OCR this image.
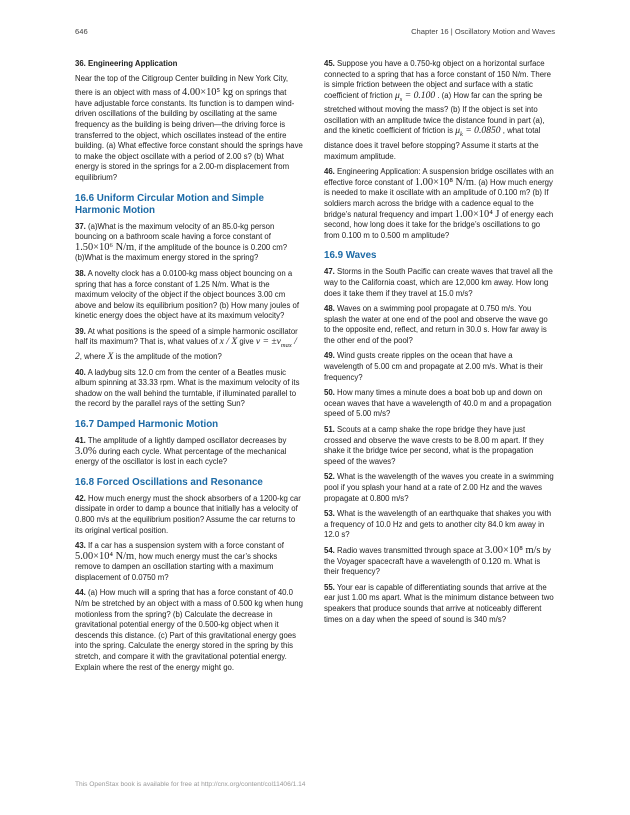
646	Chapter 16 | Oscillatory Motion and Waves

36. Engineering Application

Near the top of the Citigroup Center building in New York City,

there is an object with mass of 4.00×10⁵ kg on springs that have adjustable force constants. Its function is to dampen wind-driven oscillations of the building by oscillating at the same frequency as the building is being driven—the driving force is transferred to the object, which oscillates instead of the entire building. (a) What effective force constant should the springs have to make the object oscillate with a period of 2.00 s? (b) What energy is stored in the springs for a 2.00-m displacement from equilibrium?

16.6 Uniform Circular Motion and Simple Harmonic Motion
37. (a)What is the maximum velocity of an 85.0-kg person bouncing on a bathroom scale having a force constant of 1.50×10⁶ N/m, if the amplitude of the bounce is 0.200 cm? (b)What is the maximum energy stored in the spring?
38. A novelty clock has a 0.0100-kg mass object bouncing on a spring that has a force constant of 1.25 N/m. What is the maximum velocity of the object if the object bounces 3.00 cm above and below its equilibrium position? (b) How many joules of kinetic energy does the object have at its maximum velocity?
39. At what positions is the speed of a simple harmonic oscillator half its maximum? That is, what values of x / X give $v = \pm v_{max} / 2$, where X is the amplitude of the motion?
40. A ladybug sits 12.0 cm from the center of a Beatles music album spinning at 33.33 rpm. What is the maximum velocity of its shadow on the wall behind the turntable, if illuminated parallel to the record by the parallel rays of the setting Sun?
16.7 Damped Harmonic Motion
41. The amplitude of a lightly damped oscillator decreases by 3.0% during each cycle. What percentage of the mechanical energy of the oscillator is lost in each cycle?
16.8 Forced Oscillations and Resonance
42. How much energy must the shock absorbers of a 1200-kg car dissipate in order to damp a bounce that initially has a velocity of 0.800 m/s at the equilibrium position? Assume the car returns to its original vertical position.
43. If a car has a suspension system with a force constant of 5.00×10⁴ N/m, how much energy must the car’s shocks remove to dampen an oscillation starting with a maximum displacement of 0.0750 m?
44. (a) How much will a spring that has a force constant of 40.0 N/m be stretched by an object with a mass of 0.500 kg when hung motionless from the spring? (b) Calculate the decrease in gravitational potential energy of the 0.500-kg object when it descends this distance. (c) Part of this gravitational energy goes into the spring. Calculate the energy stored in the spring by this stretch, and compare it with the gravitational potential energy. Explain where the rest of the energy might go.
45. Suppose you have a 0.750-kg object on a horizontal surface connected to a spring that has a force constant of 150 N/m. There is simple friction between the object and surface with a static coefficient of friction $\mu_s = 0.100$ . (a) How far can the spring be stretched without moving the mass? (b) If the object is set into oscillation with an amplitude twice the distance found in part (a), and the kinetic coefficient of friction is $\mu_k = 0.0850$ , what total distance does it travel before stopping? Assume it starts at the maximum amplitude.
46. Engineering Application: A suspension bridge oscillates with an effective force constant of 1.00×10⁸ N/m. (a) How much energy is needed to make it oscillate with an amplitude of 0.100 m? (b) If soldiers march across the bridge with a cadence equal to the bridge’s natural frequency and impart 1.00×10⁴ J of energy each second, how long does it take for the bridge’s oscillations to go from 0.100 m to 0.500 m amplitude?
16.9 Waves
47. Storms in the South Pacific can create waves that travel all the way to the California coast, which are 12,000 km away. How long does it take them if they travel at 15.0 m/s?
48. Waves on a swimming pool propagate at 0.750 m/s. You splash the water at one end of the pool and observe the wave go to the opposite end, reflect, and return in 30.0 s. How far away is the other end of the pool?
49. Wind gusts create ripples on the ocean that have a wavelength of 5.00 cm and propagate at 2.00 m/s. What is their frequency?
50. How many times a minute does a boat bob up and down on ocean waves that have a wavelength of 40.0 m and a propagation speed of 5.00 m/s?
51. Scouts at a camp shake the rope bridge they have just crossed and observe the wave crests to be 8.00 m apart. If they shake it the bridge twice per second, what is the propagation speed of the waves?
52. What is the wavelength of the waves you create in a swimming pool if you splash your hand at a rate of 2.00 Hz and the waves propagate at 0.800 m/s?
53. What is the wavelength of an earthquake that shakes you with a frequency of 10.0 Hz and gets to another city 84.0 km away in 12.0 s?
54. Radio waves transmitted through space at 3.00×10⁸ m/s by the Voyager spacecraft have a wavelength of 0.120 m. What is their frequency?
55. Your ear is capable of differentiating sounds that arrive at the ear just 1.00 ms apart. What is the minimum distance between two speakers that produce sounds that arrive at noticeably different times on a day when the speed of sound is 340 m/s?
This OpenStax book is available for free at http://cnx.org/content/col11406/1.14
